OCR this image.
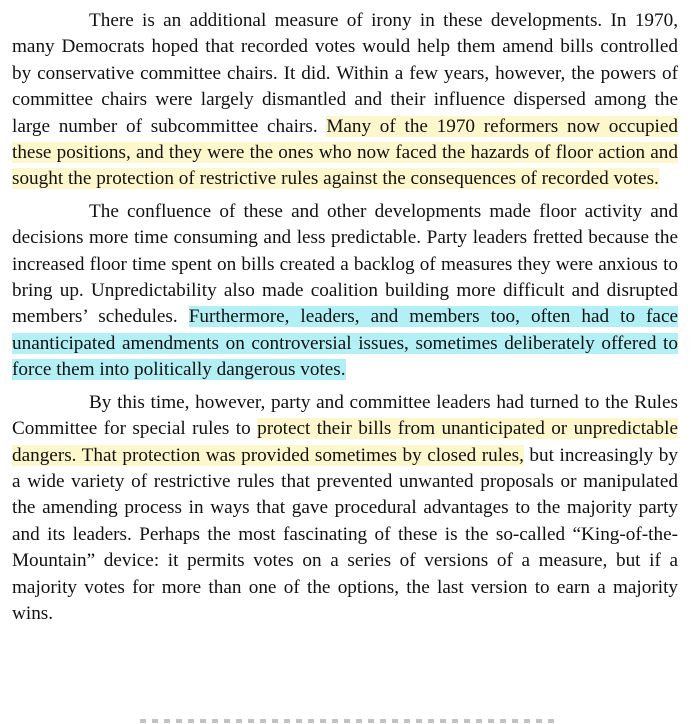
There is an additional measure of irony in these developments. In 1970, many Democrats hoped that recorded votes would help them amend bills controlled by conservative committee chairs. It did. Within a few years, however, the powers of committee chairs were largely dismantled and their influence dispersed among the large number of subcommittee chairs. Many of the 1970 reformers now occupied these positions, and they were the ones who now faced the hazards of floor action and sought the protection of restrictive rules against the consequences of recorded votes.

The confluence of these and other developments made floor activity and decisions more time consuming and less predictable. Party leaders fretted because the increased floor time spent on bills created a backlog of measures they were anxious to bring up. Unpredictability also made coalition building more difficult and disrupted members’ schedules. Furthermore, leaders, and members too, often had to face unanticipated amendments on controversial issues, sometimes deliberately offered to force them into politically dangerous votes.

By this time, however, party and committee leaders had turned to the Rules Committee for special rules to protect their bills from unanticipated or unpredictable dangers. That protection was provided sometimes by closed rules, but increasingly by a wide variety of restrictive rules that prevented unwanted proposals or manipulated the amending process in ways that gave procedural advantages to the majority party and its leaders. Perhaps the most fascinating of these is the so-called “King-of-the-Mountain” device: it permits votes on a series of versions of a measure, but if a majority votes for more than one of the options, the last version to earn a majority wins.
